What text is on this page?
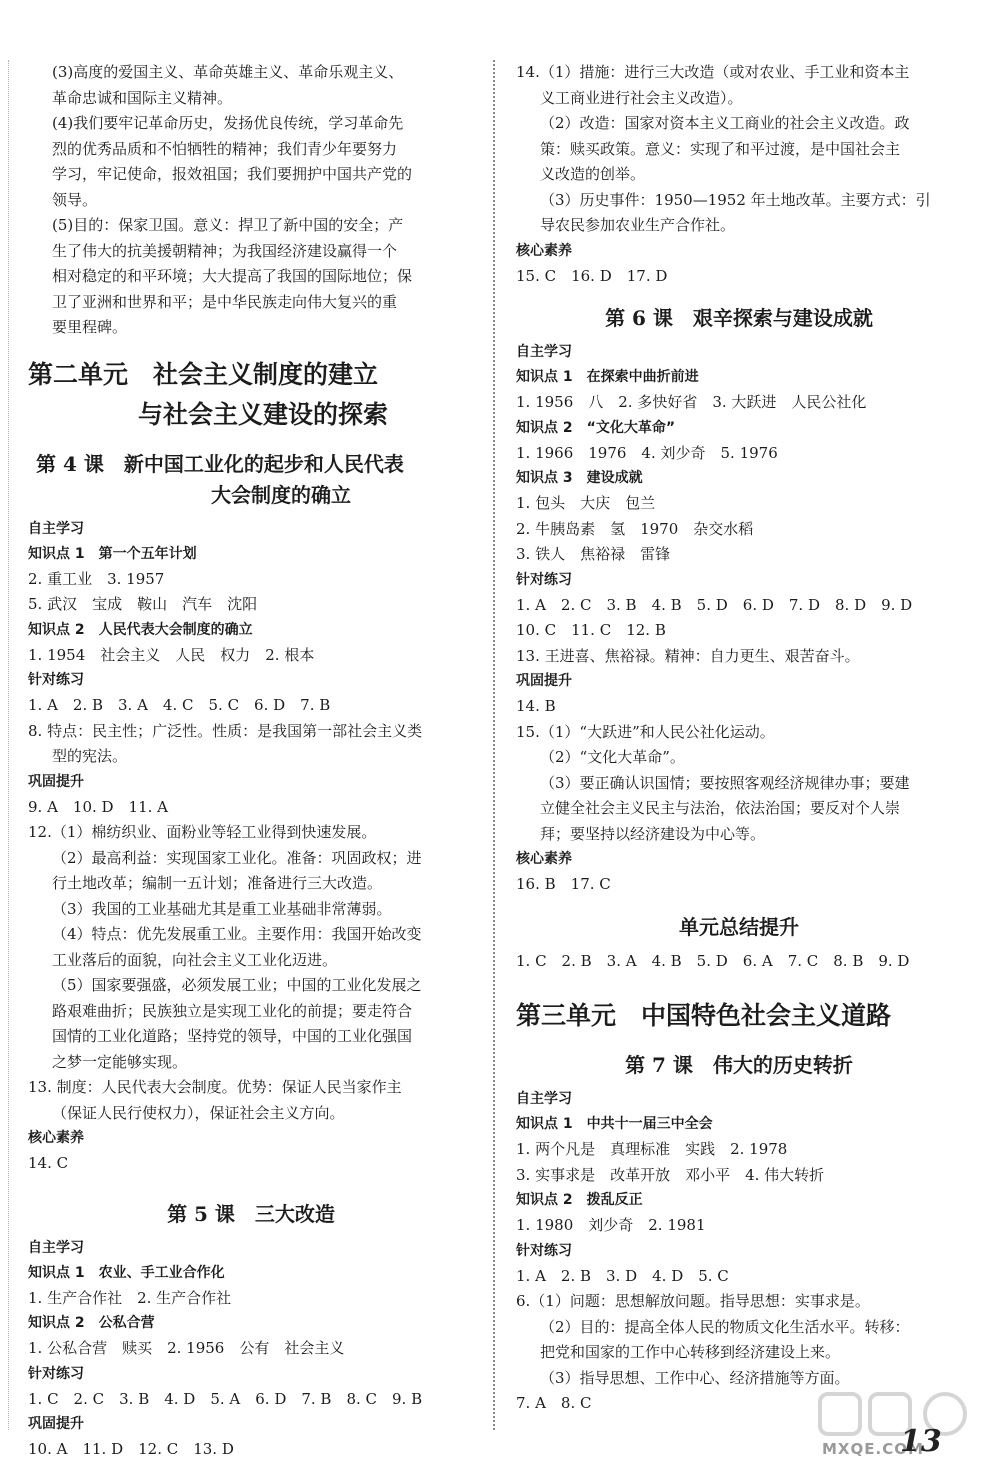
(3)高度的爱国主义、革命英雄主义、革命乐观主义、
革命忠诚和国际主义精神。
(4)我们要牢记革命历史，发扬优良传统，学习革命先
烈的优秀品质和不怕牺牲的精神；我们青少年要努力
学习，牢记使命，报效祖国；我们要拥护中国共产党的
领导。
(5)目的：保家卫国。意义：捍卫了新中国的安全；产
生了伟大的抗美援朝精神；为我国经济建设赢得一个
相对稳定的和平环境；大大提高了我国的国际地位；保
卫了亚洲和世界和平；是中华民族走向伟大复兴的重
要里程碑。
第二单元　社会主义制度的建立
与社会主义建设的探索
第 4 课　新中国工业化的起步和人民代表
大会制度的确立
自主学习
知识点 1　第一个五年计划
2. 重工业　3. 1957
5. 武汉　宝成　鞍山　汽车　沈阳
知识点 2　人民代表大会制度的确立
1. 1954　社会主义　人民　权力　2. 根本
针对练习
1. A　2. B　3. A　4. C　5. C　6. D　7. B
8. 特点：民主性；广泛性。性质：是我国第一部社会主义类
型的宪法。
巩固提升
9. A　10. D　11. A
12.（1）棉纺织业、面粉业等轻工业得到快速发展。
（2）最高利益：实现国家工业化。准备：巩固政权；进
行土地改革；编制一五计划；准备进行三大改造。
（3）我国的工业基础尤其是重工业基础非常薄弱。
（4）特点：优先发展重工业。主要作用：我国开始改变
工业落后的面貌，向社会主义工业化迈进。
（5）国家要强盛，必须发展工业；中国的工业化发展之
路艰难曲折；民族独立是实现工业化的前提；要走符合
国情的工业化道路；坚持党的领导，中国的工业化强国
之梦一定能够实现。
13. 制度：人民代表大会制度。优势：保证人民当家作主
（保证人民行使权力），保证社会主义方向。
核心素养
14. C
第 5 课　三大改造
自主学习
知识点 1　农业、手工业合作化
1. 生产合作社　2. 生产合作社
知识点 2　公私合营
1. 公私合营　赎买　2. 1956　公有　社会主义
针对练习
1. C　2. C　3. B　4. D　5. A　6. D　7. B　8. C　9. B
巩固提升
10. A　11. D　12. C　13. D
14.（1）措施：进行三大改造（或对农业、手工业和资本主
义工商业进行社会主义改造）。
（2）改造：国家对资本主义工商业的社会主义改造。政
策：赎买政策。意义：实现了和平过渡，是中国社会主
义改造的创举。
（3）历史事件：1950—1952 年土地改革。主要方式：引
导农民参加农业生产合作社。
核心素养
15. C　16. D　17. D
第 6 课　艰辛探索与建设成就
自主学习
知识点 1　在探索中曲折前进
1. 1956　八　2. 多快好省　3. 大跃进　人民公社化
知识点 2　“文化大革命”
1. 1966　1976　4. 刘少奇　5. 1976
知识点 3　建设成就
1. 包头　大庆　包兰
2. 牛胰岛素　氢　1970　杂交水稻
3. 铁人　焦裕禄　雷锋
针对练习
1. A　2. C　3. B　4. B　5. D　6. D　7. D　8. D　9. D
10. C　11. C　12. B
13. 王进喜、焦裕禄。精神：自力更生、艰苦奋斗。
巩固提升
14. B
15.（1）“大跃进”和人民公社化运动。
（2）“文化大革命”。
（3）要正确认识国情；要按照客观经济规律办事；要建
立健全社会主义民主与法治，依法治国；要反对个人崇
拜；要坚持以经济建设为中心等。
核心素养
16. B　17. C
单元总结提升
1. C　2. B　3. A　4. B　5. D　6. A　7. C　8. B　9. D
第三单元　中国特色社会主义道路
第 7 课　伟大的历史转折
自主学习
知识点 1　中共十一届三中全会
1. 两个凡是　真理标准　实践　2. 1978
3. 实事求是　改革开放　邓小平　4. 伟大转折
知识点 2　拨乱反正
1. 1980　刘少奇　2. 1981
针对练习
1. A　2. B　3. D　4. D　5. C
6.（1）问题：思想解放问题。指导思想：实事求是。
（2）目的：提高全体人民的物质文化生活水平。转移：
把党和国家的工作中心转移到经济建设上来。
（3）指导思想、工作中心、经济措施等方面。
7. A　8. C
MXQE.COM
13
